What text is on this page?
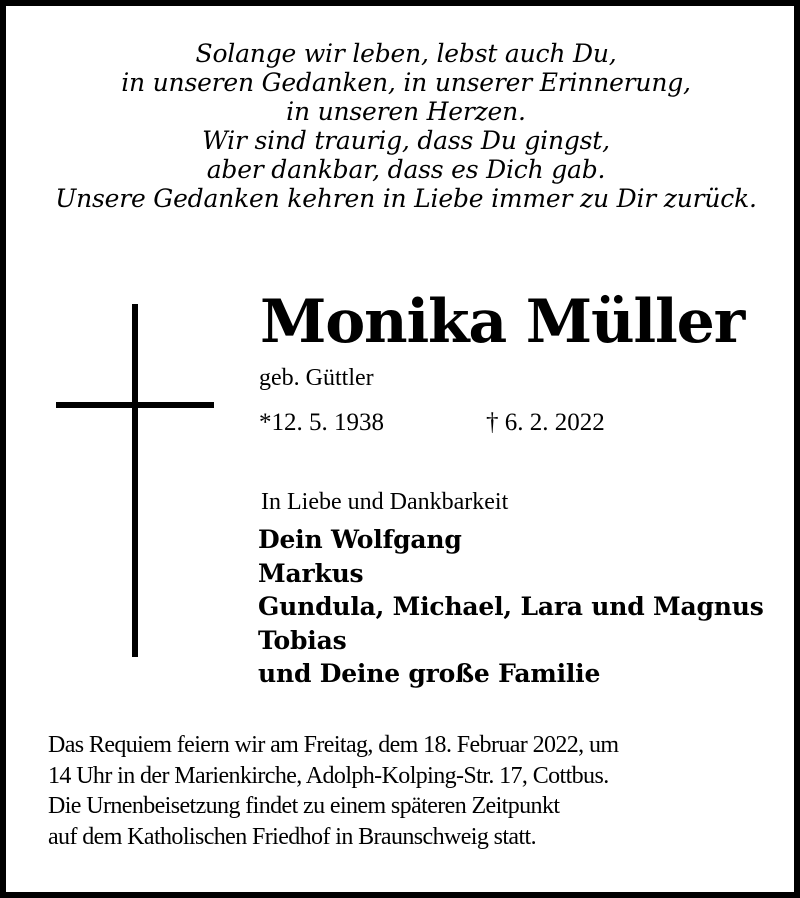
Solange wir leben, lebst auch Du,
in unseren Gedanken, in unserer Erinnerung,
in unseren Herzen.
Wir sind traurig, dass Du gingst,
aber dankbar, dass es Dich gab.
Unsere Gedanken kehren in Liebe immer zu Dir zurück.
Monika Müller
geb. Güttler
*12. 5. 1938	† 6. 2. 2022
In Liebe und Dankbarkeit
Dein Wolfgang
Markus
Gundula, Michael, Lara und Magnus
Tobias
und Deine große Familie
Das Requiem feiern wir am Freitag, dem 18. Februar 2022, um
14 Uhr in der Marienkirche, Adolph-Kolping-Str. 17, Cottbus.
Die Urnenbeisetzung findet zu einem späteren Zeitpunkt
auf dem Katholischen Friedhof in Braunschweig statt.
